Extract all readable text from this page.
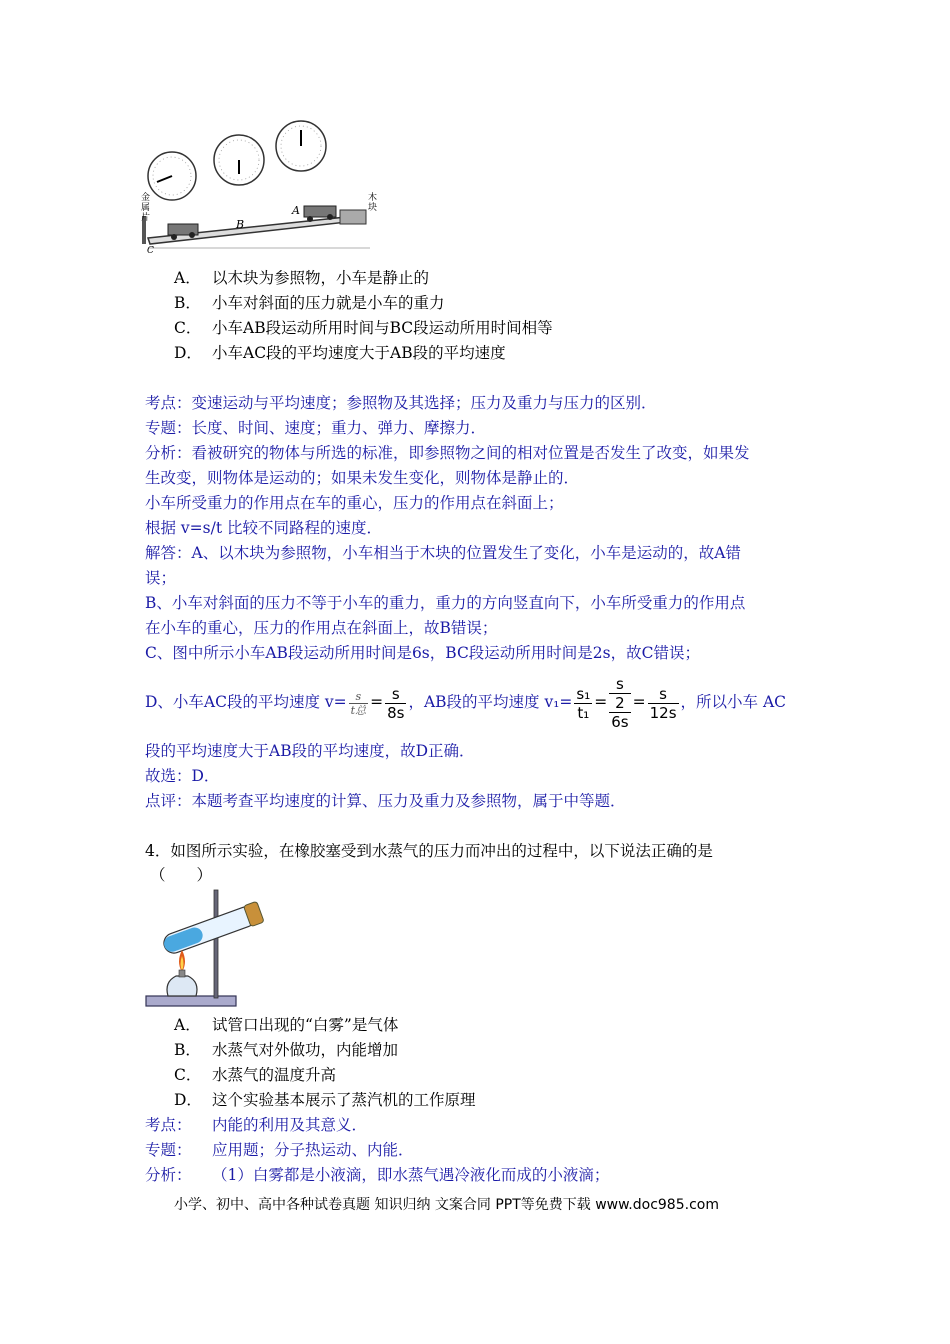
金属片	B
A
C
木块
A． 以木块为参照物，小车是静止的
B． 小车对斜面的压力就是小车的重力
C． 小车AB段运动所用时间与BC段运动所用时间相等
D． 小车AC段的平均速度大于AB段的平均速度
考点：变速运动与平均速度；参照物及其选择；压力及重力与压力的区别．
专题：长度、时间、速度；重力、弹力、摩擦力．
分析：看被研究的物体与所选的标准，即参照物之间的相对位置是否发生了改变，如果发
生改变，则物体是运动的；如果未发生变化，则物体是静止的．
小车所受重力的作用点在车的重心，压力的作用点在斜面上；
根据 v=s/t 比较不同路程的速度．
解答：A、以木块为参照物，小车相当于木块的位置发生了变化，小车是运动的，故A错
误；
B、小车对斜面的压力不等于小车的重力，重力的方向竖直向下，小车所受重力的作用点
在小车的重心，压力的作用点在斜面上，故B错误；
C、图中所示小车AB段运动所用时间是6s，BC段运动所用时间是2s，故C错误；
D、小车AC段的平均速度 $v= \frac{s}{\text{t总}} = \frac{s}{8s}$ ，AB段的平均速度 $v_1= \frac{\text{s₁}}{\text{t₁}}$ =
s
2
6s
= $\frac{s}{12s}$ ，所以小车 AC
段的平均速度大于AB段的平均速度，故D正确．
故选：D．
点评：本题考查平均速度的计算、压力及重力及参照物，属于中等题．
4．如图所示实验，在橡胶塞受到水蒸气的压力而冲出的过程中，以下说法正确的是
（　　）
A． 试管口出现的“白雾”是气体
B． 水蒸气对外做功，内能增加
C． 水蒸气的温度升高
D． 这个实验基本展示了蒸汽机的工作原理
考点： 内能的利用及其意义．
专题： 应用题；分子热运动、内能．
分析： （1）白雾都是小液滴，即水蒸气遇冷液化而成的小液滴；
小学、初中、高中各种试卷真题 知识归纳 文案合同 PPT等免费下载 www.doc985.com
